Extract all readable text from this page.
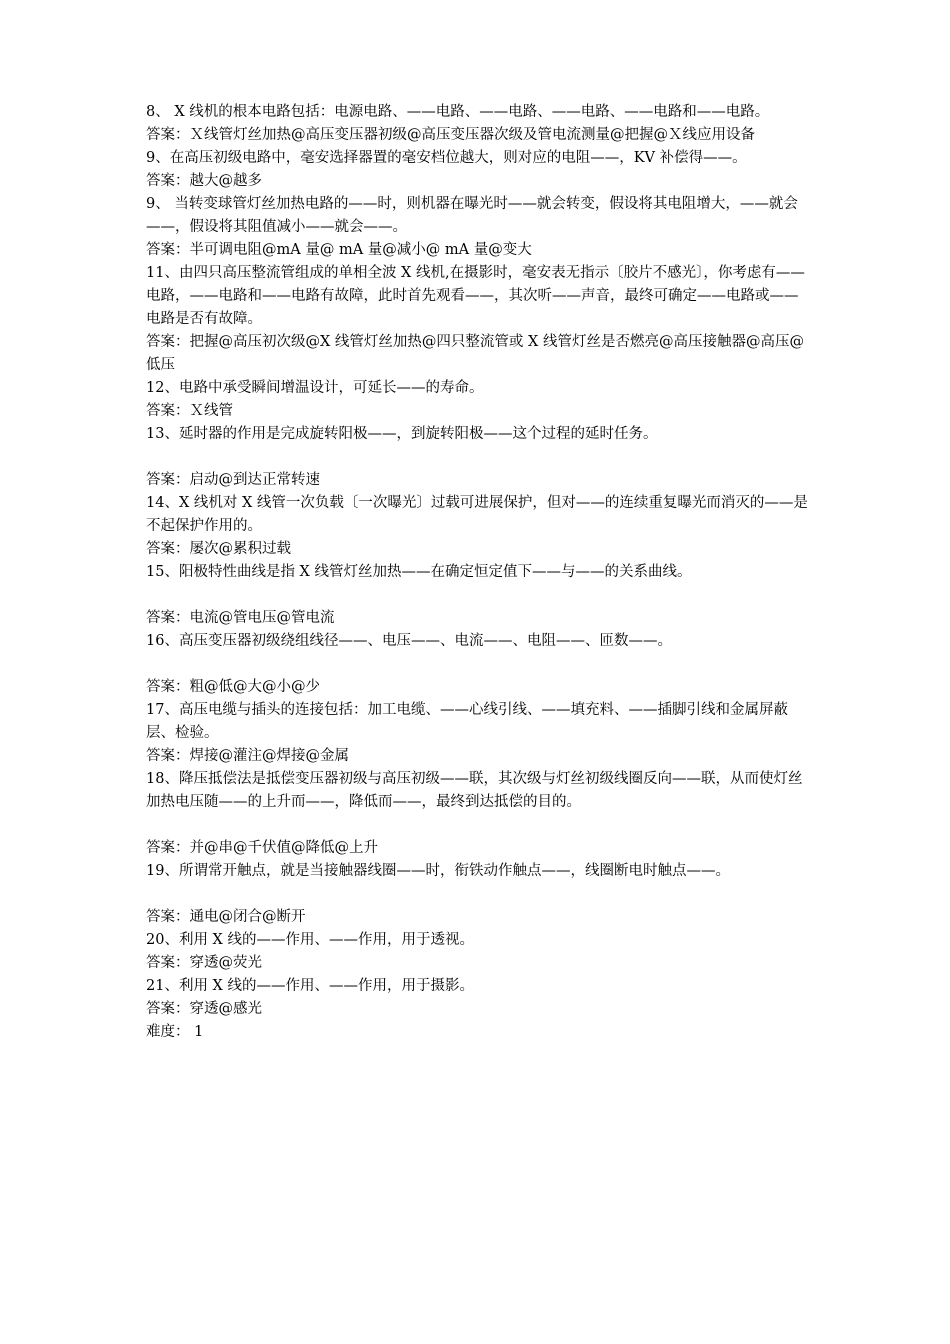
8、 X 线机的根本电路包括：电源电路、——电路、——电路、——电路、——电路和——电路。

答案：Ｘ线管灯丝加热@高压变压器初级@高压变压器次级及管电流测量@把握@Ｘ线应用设备

9、在高压初级电路中，毫安选择器置的毫安档位越大，则对应的电阻——，KV 补偿得——。

答案：越大@越多

9、 当转变球管灯丝加热电路的——时，则机器在曝光时——就会转变，假设将其电阻增大，——就会——，假设将其阻值减小——就会——。

答案：半可调电阻@mA 量@ mA 量@减小@ mA 量@变大

11、由四只高压整流管组成的单相全波 X 线机,在摄影时，毫安表无指示〔胶片不感光〕，你考虑有——电路，——电路和——电路有故障，此时首先观看——，其次听——声音，最终可确定——电路或——电路是否有故障。

答案：把握@高压初次级@X 线管灯丝加热@四只整流管或 X 线管灯丝是否燃亮@高压接触器@高压@低压

12、电路中承受瞬间增温设计，可延长——的寿命。

答案：Ｘ线管

13、延时器的作用是完成旋转阳极——，到旋转阳极——这个过程的延时任务。

答案：启动@到达正常转速

14、X 线机对 X 线管一次负载〔一次曝光〕过载可进展保护，但对——的连续重复曝光而消灭的——是不起保护作用的。

答案：屡次@累积过载

15、阳极特性曲线是指 X 线管灯丝加热——在确定恒定值下——与——的关系曲线。

答案：电流@管电压@管电流

16、高压变压器初级绕组线径——、电压——、电流——、电阻——、匝数——。

答案：粗@低@大@小@少

17、高压电缆与插头的连接包括：加工电缆、——心线引线、——填充料、——插脚引线和金属屏蔽层、检验。

答案：焊接@灌注@焊接@金属

18、降压抵偿法是抵偿变压器初级与高压初级——联，其次级与灯丝初级线圈反向——联，从而使灯丝加热电压随——的上升而——，降低而——，最终到达抵偿的目的。

答案：并@串@千伏值@降低@上升

19、所谓常开触点，就是当接触器线圈——时，衔铁动作触点——，线圈断电时触点——。

答案：通电@闭合@断开

20、利用 X 线的——作用、——作用，用于透视。

答案：穿透@荧光

21、利用 X 线的——作用、——作用，用于摄影。

答案：穿透@感光

难度： 1
